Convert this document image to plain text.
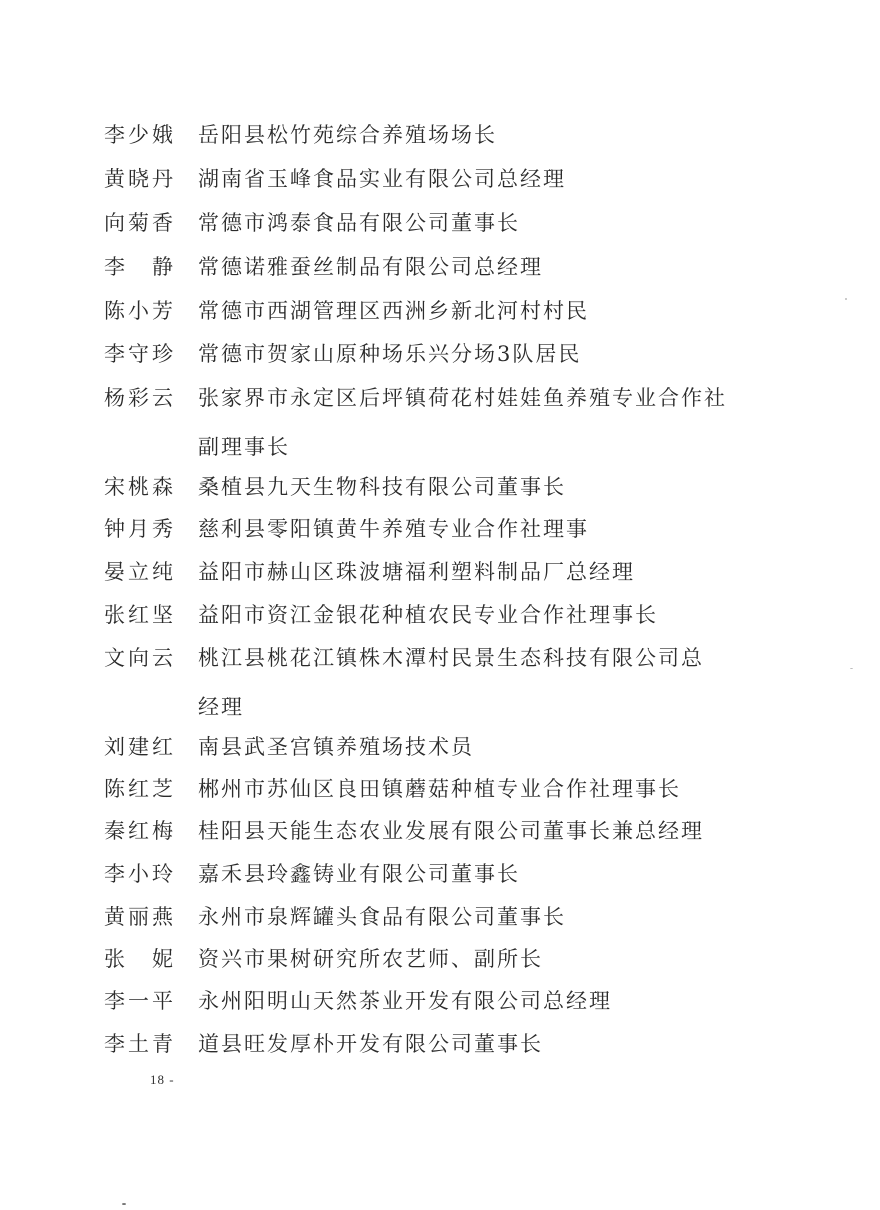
李少娥	岳阳县松竹苑综合养殖场场长
黄晓丹	湖南省玉峰食品实业有限公司总经理
向菊香	常德市鸿泰食品有限公司董事长
李　静	常德诺雅蚕丝制品有限公司总经理
陈小芳	常德市西湖管理区西洲乡新北河村村民
李守珍	常德市贺家山原种场乐兴分场3队居民
杨彩云	张家界市永定区后坪镇荷花村娃娃鱼养殖专业合作社
副理事长
宋桃森	桑植县九天生物科技有限公司董事长
钟月秀	慈利县零阳镇黄牛养殖专业合作社理事
晏立纯	益阳市赫山区珠波塘福利塑料制品厂总经理
张红坚	益阳市资江金银花种植农民专业合作社理事长
文向云	桃江县桃花江镇株木潭村民景生态科技有限公司总
经理
刘建红	南县武圣宫镇养殖场技术员
陈红芝	郴州市苏仙区良田镇蘑菇种植专业合作社理事长
秦红梅	桂阳县天能生态农业发展有限公司董事长兼总经理
李小玲	嘉禾县玲鑫铸业有限公司董事长
黄丽燕	永州市泉辉罐头食品有限公司董事长
张　妮	资兴市果树研究所农艺师、副所长
李一平	永州阳明山天然茶业开发有限公司总经理
李土青	道县旺发厚朴开发有限公司董事长
18 -
